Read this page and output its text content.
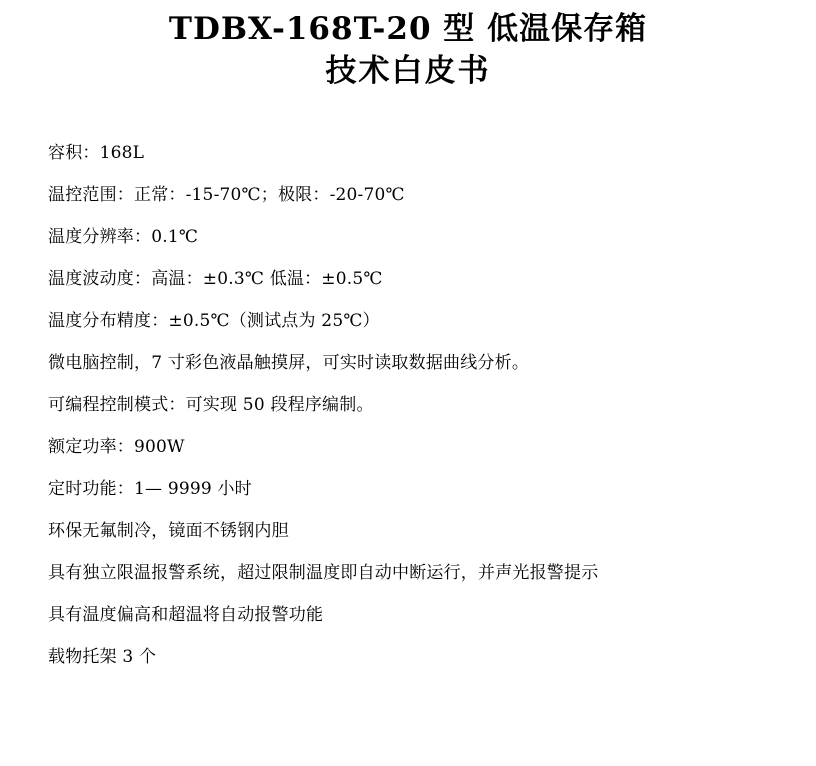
TDBX-168T-20 型 低温保存箱
技术白皮书
容积：168L
温控范围：正常：-15-70℃；极限：-20-70℃
温度分辨率：0.1℃
温度波动度：高温：±0.3℃ 低温：±0.5℃
温度分布精度：±0.5℃（测试点为 25℃）
微电脑控制，7 寸彩色液晶触摸屏，可实时读取数据曲线分析。
可编程控制模式：可实现 50 段程序编制。
额定功率：900W
定时功能：1— 9999 小时
环保无氟制冷，镜面不锈钢内胆
具有独立限温报警系统，超过限制温度即自动中断运行，并声光报警提示
具有温度偏高和超温将自动报警功能
载物托架 3 个
